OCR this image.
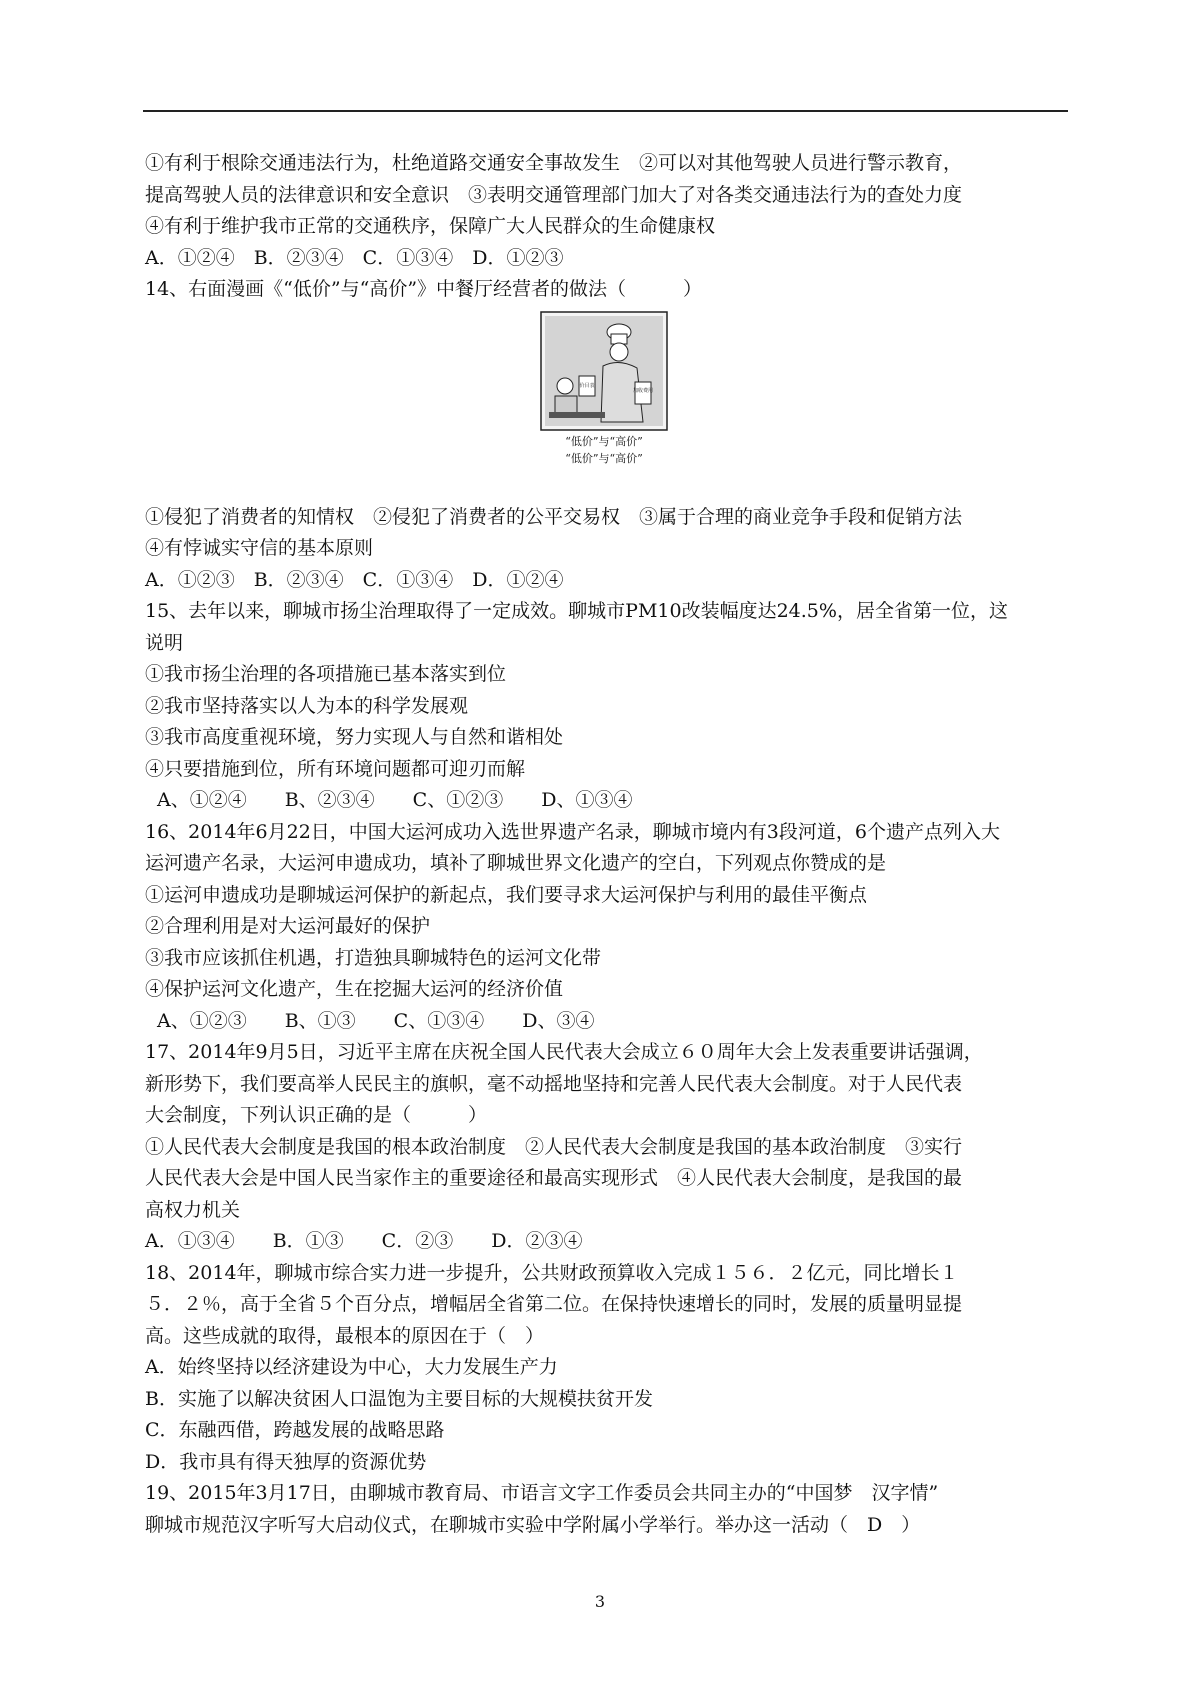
①有利于根除交通违法行为，杜绝道路交通安全事故发生　②可以对其他驾驶人员进行警示教育，
提高驾驶人员的法律意识和安全意识　③表明交通管理部门加大了对各类交通违法行为的查处力度
④有利于维护我市正常的交通秩序，保障广大人民群众的生命健康权
A．①②④　B．②③④　C．①③④　D．①②③
14、右面漫画《“低价”与“高价”》中餐厅经营者的做法（　　　）
加收费用
价目表
“低价”与“高价”
“低价”与“高价”
①侵犯了消费者的知情权　②侵犯了消费者的公平交易权　③属于合理的商业竞争手段和促销方法
④有悖诚实守信的基本原则
A．①②③　B．②③④　C．①③④　D．①②④
15、去年以来，聊城市扬尘治理取得了一定成效。聊城市PM10改装幅度达24.5%，居全省第一位，这
说明
①我市扬尘治理的各项措施已基本落实到位
②我市坚持落实以人为本的科学发展观
③我市高度重视环境，努力实现人与自然和谐相处
④只要措施到位，所有环境问题都可迎刃而解
A、①②④　　B、②③④　　C、①②③　　D、①③④
16、2014年6月22日，中国大运河成功入选世界遗产名录，聊城市境内有3段河道，6个遗产点列入大
运河遗产名录，大运河申遗成功，填补了聊城世界文化遗产的空白，下列观点你赞成的是
①运河申遗成功是聊城运河保护的新起点，我们要寻求大运河保护与利用的最佳平衡点
②合理利用是对大运河最好的保护
③我市应该抓住机遇，打造独具聊城特色的运河文化带
④保护运河文化遗产，生在挖掘大运河的经济价值
A、①②③　　B、①③　　C、①③④　　D、③④
17、2014年9月5日，习近平主席在庆祝全国人民代表大会成立６０周年大会上发表重要讲话强调，
新形势下，我们要高举人民民主的旗帜，毫不动摇地坚持和完善人民代表大会制度。对于人民代表
大会制度，下列认识正确的是（　　　）
①人民代表大会制度是我国的根本政治制度　②人民代表大会制度是我国的基本政治制度　③实行
人民代表大会是中国人民当家作主的重要途径和最高实现形式　④人民代表大会制度，是我国的最
高权力机关
A．①③④　　B．①③　　C．②③　　D．②③④
18、2014年，聊城市综合实力进一步提升，公共财政预算收入完成１５６．２亿元，同比增长１
５．２％，高于全省５个百分点，增幅居全省第二位。在保持快速增长的同时，发展的质量明显提
高。这些成就的取得，最根本的原因在于（　）
A．始终坚持以经济建设为中心，大力发展生产力
B．实施了以解决贫困人口温饱为主要目标的大规模扶贫开发
C．东融西借，跨越发展的战略思路
D．我市具有得天独厚的资源优势
19、2015年3月17日，由聊城市教育局、市语言文字工作委员会共同主办的“中国梦　汉字情”
聊城市规范汉字听写大启动仪式，在聊城市实验中学附属小学举行。举办这一活动（　D　）
3
